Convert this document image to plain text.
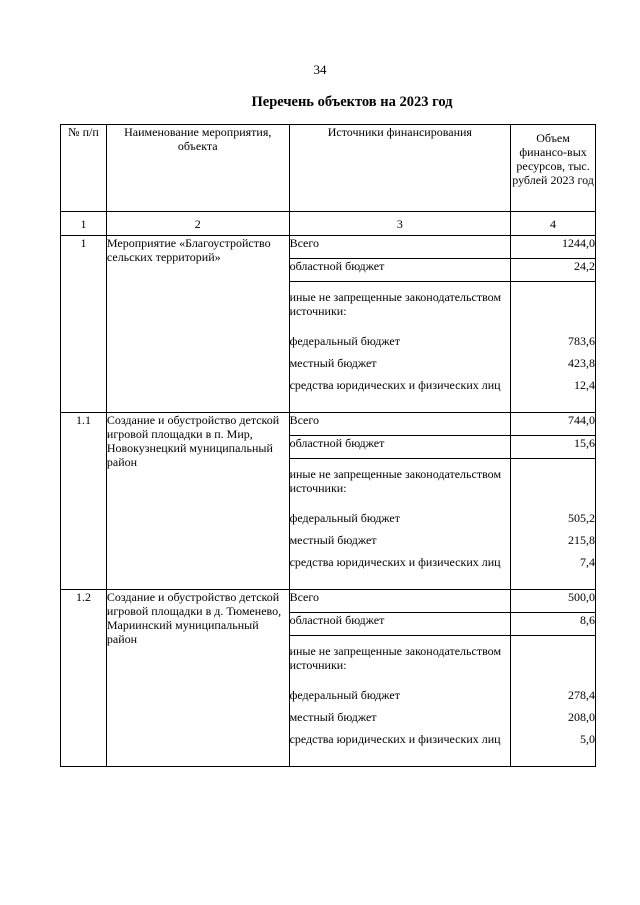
34
Перечень объектов на 2023 год
№ п/п	Наименование мероприятия, объекта	Источники финансирования	Объем финансо-вых ресурсов, тыс. рублей 2023 год
1	2	3	4
1	Мероприятие «Благоустройство сельских территорий»	Всего	1244,0
		областной бюджет	24,2
		иные не запрещенные законодательством источники:	
		федеральный бюджет	783,6
		местный бюджет	423,8
		средства юридических и физических лиц	12,4
1.1	Создание и обустройство детской игровой площадки в п. Мир, Новокузнецкий муниципальный район	Всего	744,0
		областной бюджет	15,6
		иные не запрещенные законодательством источники:	
		федеральный бюджет	505,2
		местный бюджет	215,8
		средства юридических и физических лиц	7,4
1.2	Создание и обустройство детской игровой площадки в д. Тюменево, Мариинский муниципальный район	Всего	500,0
		областной бюджет	8,6
		иные не запрещенные законодательством источники:	
		федеральный бюджет	278,4
		местный бюджет	208,0
		средства юридических и физических лиц	5,0
